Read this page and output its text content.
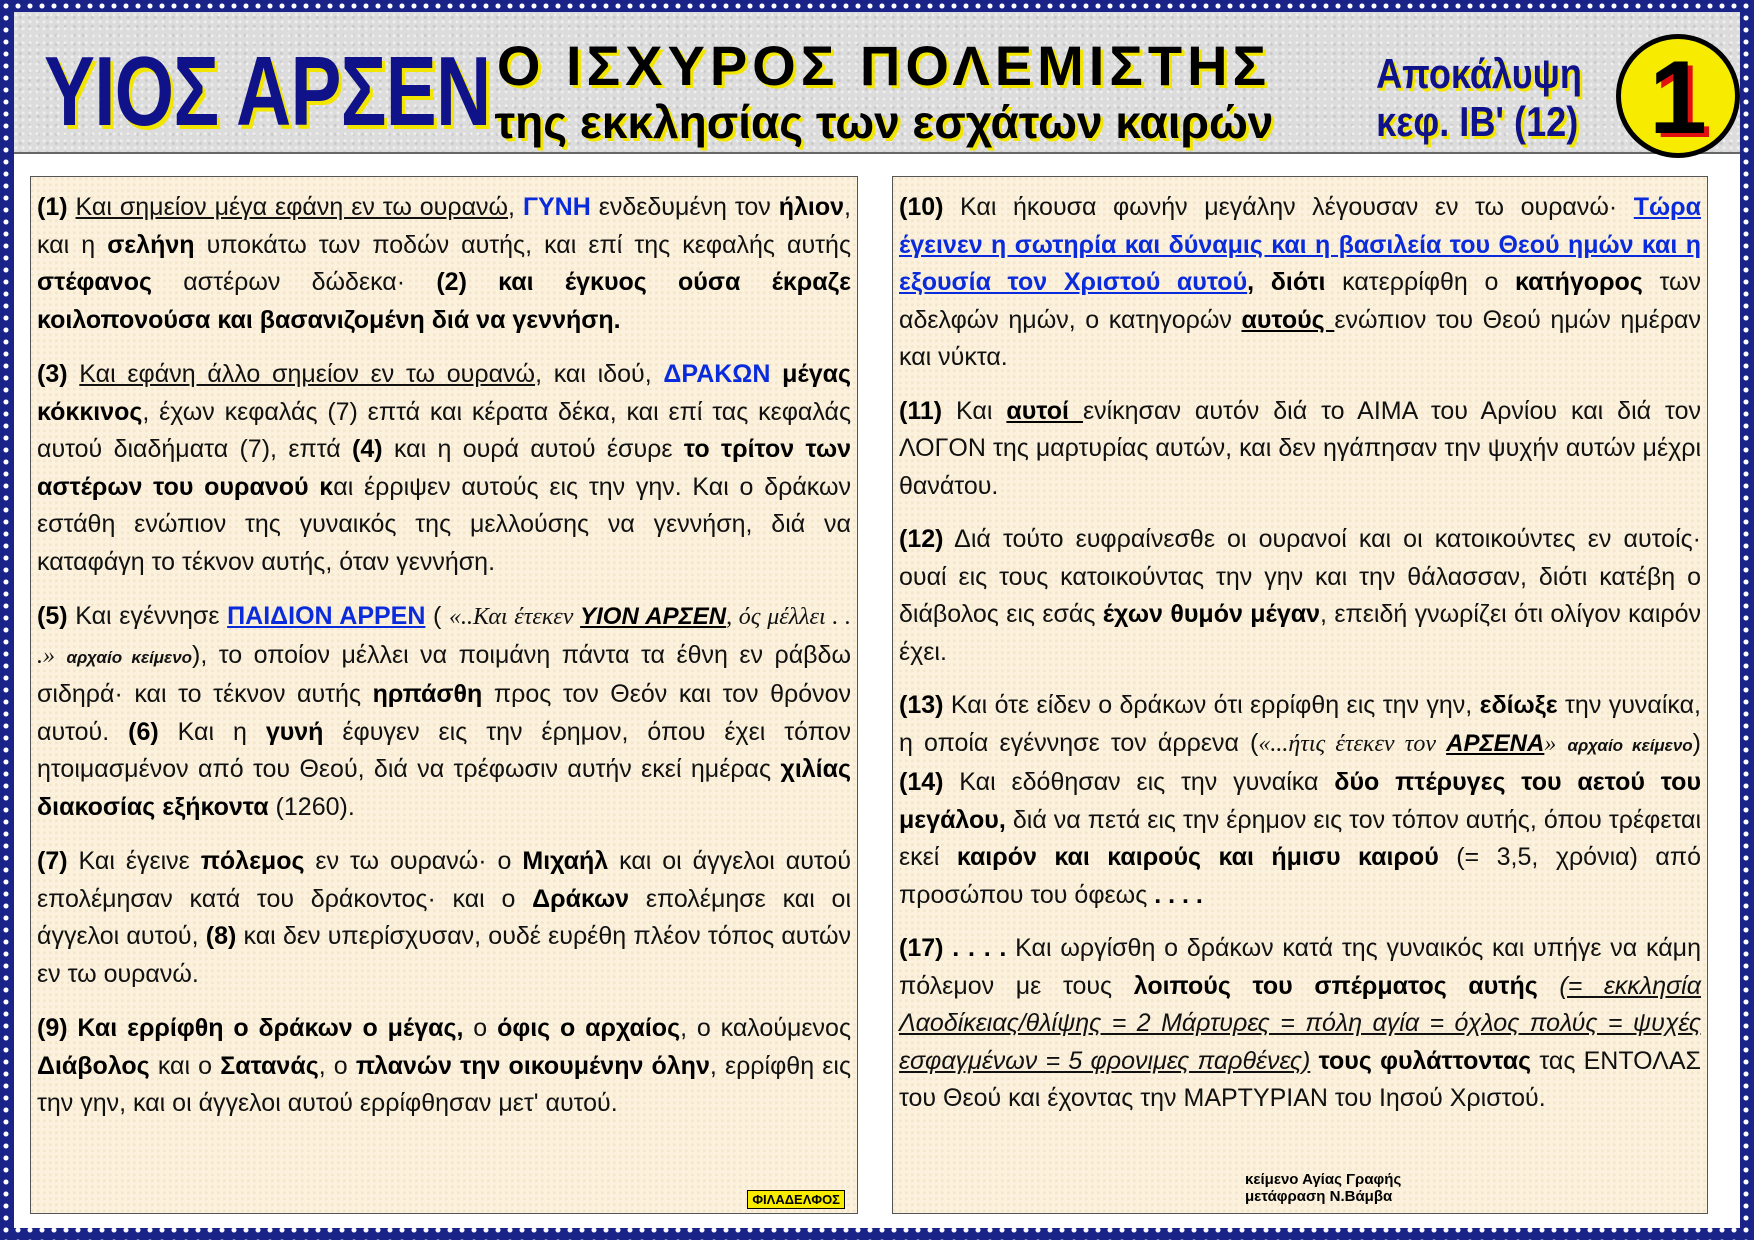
ΥΙΟΣ ΑΡΣΕΝ Ο ΙΣΧΥΡΟΣ ΠΟΛΕΜΙΣΤΗΣ
της εκκλησίας των εσχάτων καιρών
Αποκάλυψη
κεφ. ΙΒ' (12) 1

(1) Και σημείον μέγα εφάνη εν τω ουρανώ, ΓΥΝΗ ενδεδυμένη τον ήλιον, και η σελήνη υποκάτω των ποδών αυτής, και επί της κεφαλής αυτής στέφανος αστέρων δώδεκα· (2) και έγκυος ούσα έκραζε κοιλοπονούσα και βασανιζομένη διά να γεννήση.

(3) Και εφάνη άλλο σημείον εν τω ουρανώ, και ιδού, ΔΡΑΚΩΝ μέγας κόκκινος, έχων κεφαλάς (7) επτά και κέρατα δέκα, και επί τας κεφαλάς αυτού διαδήματα (7), επτά (4) και η ουρά αυτού έσυρε το τρίτον των αστέρων του ουρανού και έρριψεν αυτούς εις την γην. Και ο δράκων εστάθη ενώπιον της γυναικός της μελλούσης να γεννήση, διά να καταφάγη το τέκνον αυτής, όταν γεννήση.

(5) Και εγέννησε ΠΑΙΔΙΟΝ ΑΡΡΕΝ ( «..Και έτεκεν ΥΙΟΝ ΑΡΣΕΝ, ός μέλλει . . .» αρχαίο κείμενο), το οποίον μέλλει να ποιμάνη πάντα τα έθνη εν ράβδω σιδηρά· και το τέκνον αυτής ηρπάσθη προς τον Θεόν και τον θρόνον αυτού. (6) Και η γυνή έφυγεν εις την έρημον, όπου έχει τόπον ητοιμασμένον από του Θεού, διά να τρέφωσιν αυτήν εκεί ημέρας χιλίας διακοσίας εξήκοντα (1260).

(7) Και έγεινε πόλεμος εν τω ουρανώ· ο Μιχαήλ και οι άγγελοι αυτού επολέμησαν κατά του δράκοντος· και ο Δράκων επολέμησε και οι άγγελοι αυτού, (8) και δεν υπερίσχυσαν, ουδέ ευρέθη πλέον τόπος αυτών εν τω ουρανώ.

(9) Και ερρίφθη ο δράκων ο μέγας, ο όφις ο αρχαίος, ο καλούμενος Διάβολος και ο Σατανάς, ο πλανών την οικουμένην όλην, ερρίφθη εις την γην, και οι άγγελοι αυτού ερρίφθησαν μετ' αυτού.

ΦΙΛΑΔΕΛΦΟΣ

(10) Και ήκουσα φωνήν μεγάλην λέγουσαν εν τω ουρανώ· Τώρα έγεινεν η σωτηρία και δύναμις και η βασιλεία του Θεού ημών και η εξουσία τον Χριστού αυτού, διότι κατερρίφθη ο κατήγορος των αδελφών ημών, ο κατηγορών αυτούς ενώπιον του Θεού ημών ημέραν και νύκτα.

(11) Και αυτοί ενίκησαν αυτόν διά το ΑΙΜΑ του Αρνίου και διά τον ΛΟΓΟΝ της μαρτυρίας αυτών, και δεν ηγάπησαν την ψυχήν αυτών μέχρι θανάτου.

(12) Διά τούτο ευφραίνεσθε οι ουρανοί και οι κατοικούντες εν αυτοίς· ουαί εις τους κατοικούντας την γην και την θάλασσαν, διότι κατέβη ο διάβολος εις εσάς έχων θυμόν μέγαν, επειδή γνωρίζει ότι ολίγον καιρόν έχει.

(13) Και ότε είδεν ο δράκων ότι ερρίφθη εις την γην, εδίωξε την γυναίκα, η οποία εγέννησε τον άρρενα («...ήτις έτεκεν τον ΑΡΣΕΝΑ» αρχαίο κείμενο) (14) Και εδόθησαν εις την γυναίκα δύο πτέρυγες του αετού του μεγάλου, διά να πετά εις την έρημον εις τον τόπον αυτής, όπου τρέφεται εκεί καιρόν και καιρούς και ήμισυ καιρού (= 3,5, χρόνια) από προσώπου του όφεως . . . .

(17) . . . . Και ωργίσθη ο δράκων κατά της γυναικός και υπήγε να κάμη πόλεμον με τους λοιπούς του σπέρματος αυτής (= εκκλησία Λαοδίκειας/θλίψης = 2 Μάρτυρες = πόλη αγία = όχλος πολύς = ψυχές εσφαγμένων = 5 φρονιμες παρθένες) τους φυλάττοντας τας ΕΝΤΟΛΑΣ του Θεού και έχοντας την ΜΑΡΤΥΡΙΑΝ του Ιησού Χριστού.

κείμενο Αγίας Γραφής
μετάφραση Ν.Βάμβα
